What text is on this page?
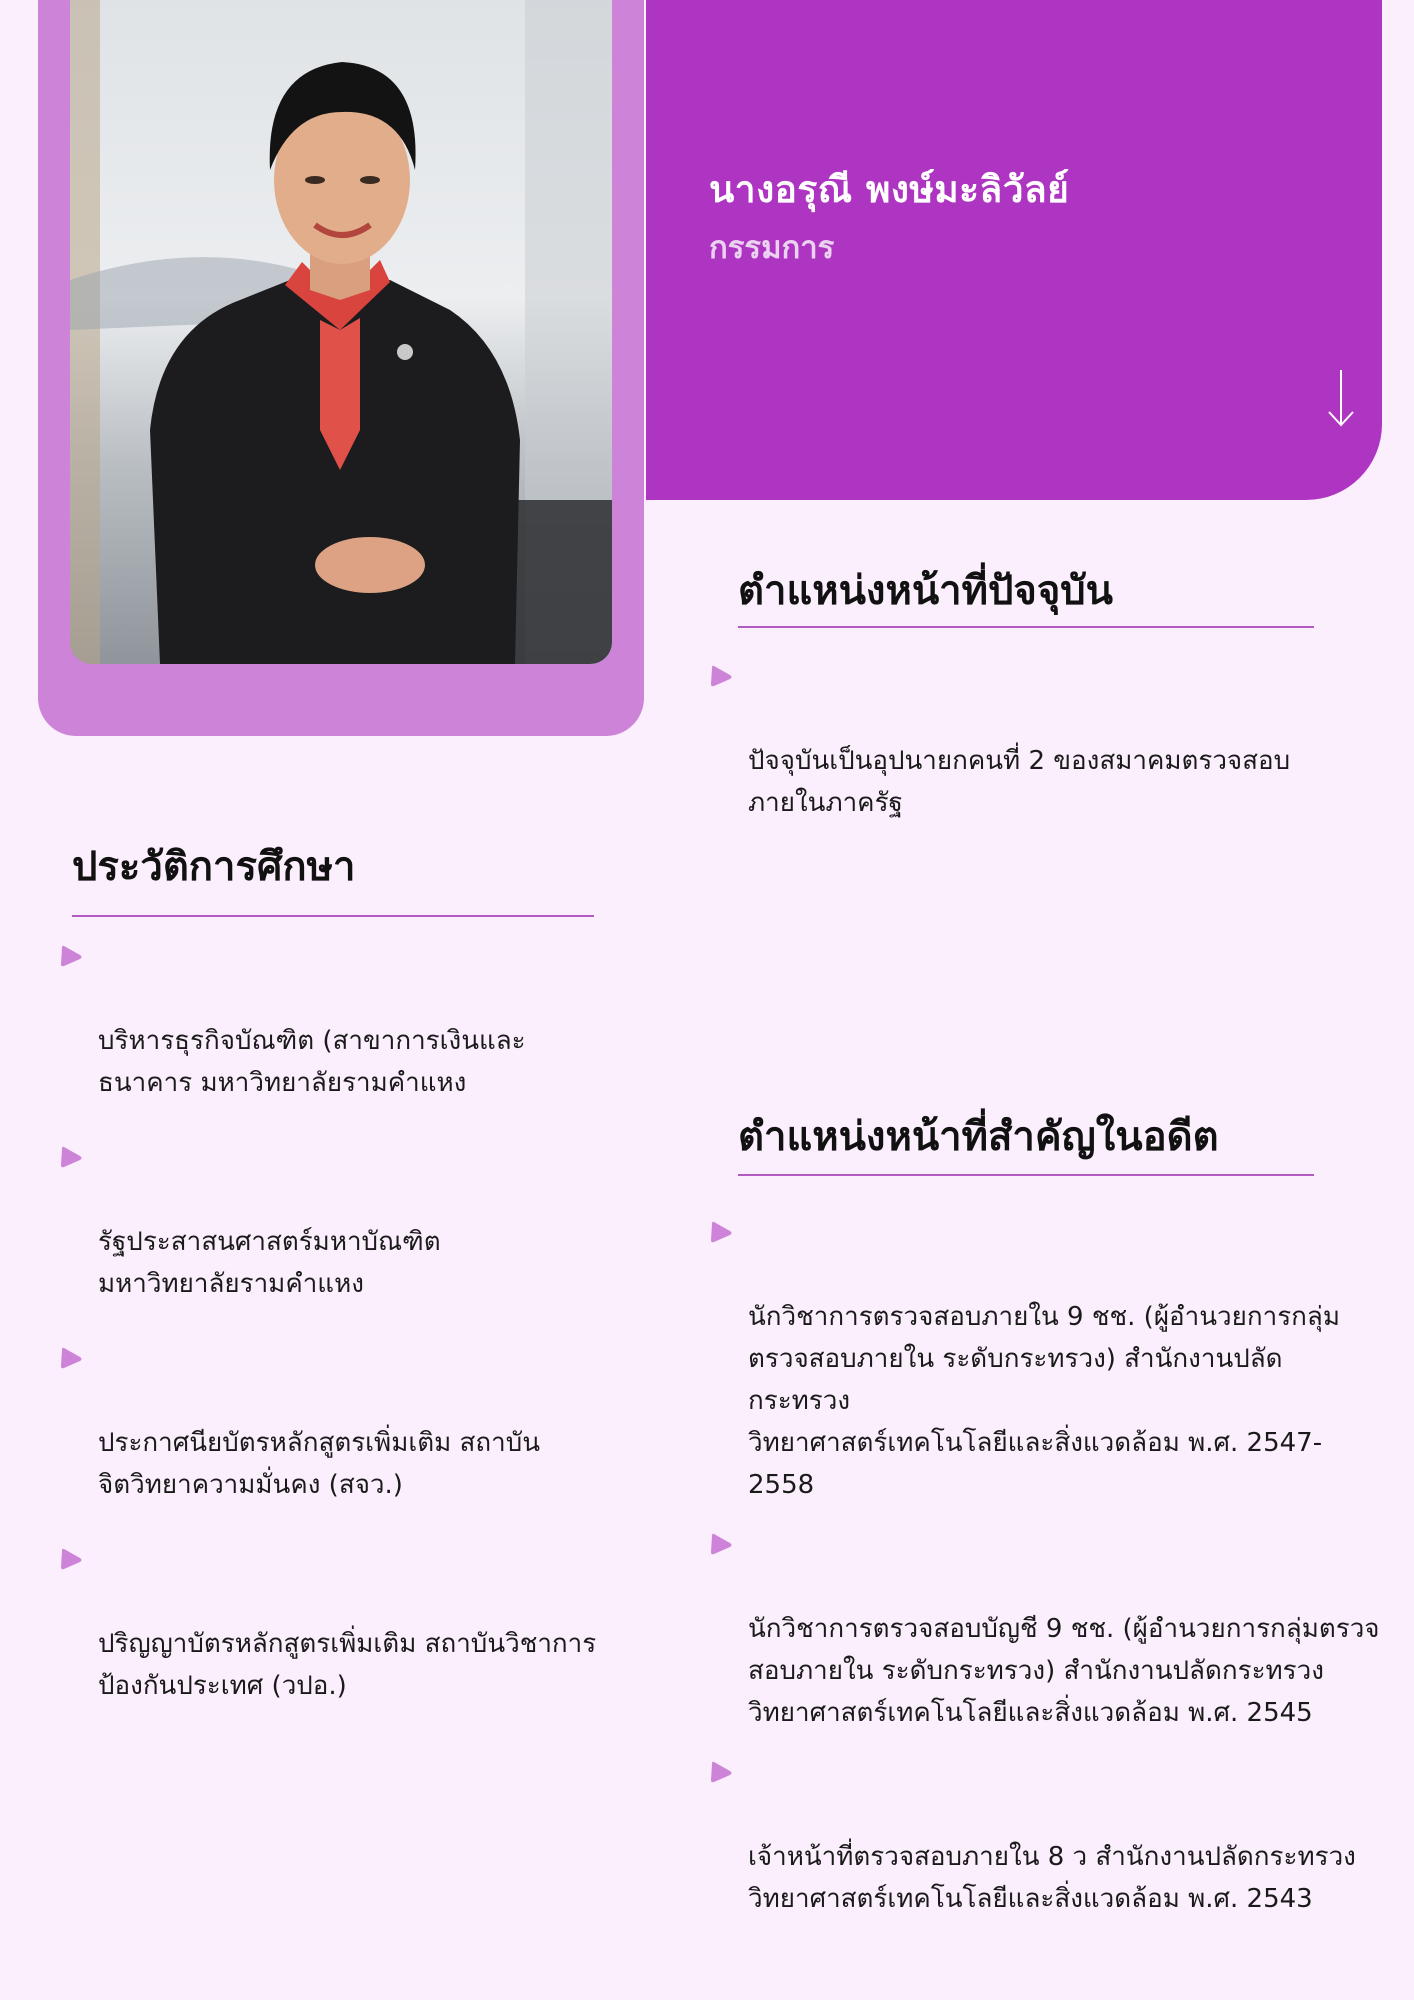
นางอรุณี พงษ์มะลิวัลย์
กรรมการ
ตำแหน่งหน้าที่ปัจจุบัน

ปัจจุบันเป็นอุปนายกคนที่ 2 ของสมาคมตรวจสอบ
ภายในภาครัฐ

ประวัติการศึกษา

บริหารธุรกิจบัณฑิต (สาขาการเงินและ
ธนาคาร มหาวิทยาลัยรามคำแหง

รัฐประสาสนศาสตร์มหาบัณฑิต
มหาวิทยาลัยรามคำแหง

ประกาศนียบัตรหลักสูตรเพิ่มเติม สถาบัน
จิตวิทยาความมั่นคง (สจว.)

ปริญญาบัตรหลักสูตรเพิ่มเติม สถาบันวิชาการ
ป้องกันประเทศ (วปอ.)

ตำแหน่งหน้าที่สำคัญในอดีต

นักวิชาการตรวจสอบภายใน 9 ชช. (ผู้อำนวยการกลุ่ม
ตรวจสอบภายใน ระดับกระทรวง) สำนักงานปลัดกระทรวง
วิทยาศาสตร์เทคโนโลยีและสิ่งแวดล้อม พ.ศ. 2547-2558

นักวิชาการตรวจสอบบัญชี 9 ชช. (ผู้อำนวยการกลุ่มตรวจ
สอบภายใน ระดับกระทรวง) สำนักงานปลัดกระทรวง
วิทยาศาสตร์เทคโนโลยีและสิ่งแวดล้อม พ.ศ. 2545

เจ้าหน้าที่ตรวจสอบภายใน 8 ว สำนักงานปลัดกระทรวง
วิทยาศาสตร์เทคโนโลยีและสิ่งแวดล้อม พ.ศ. 2543
